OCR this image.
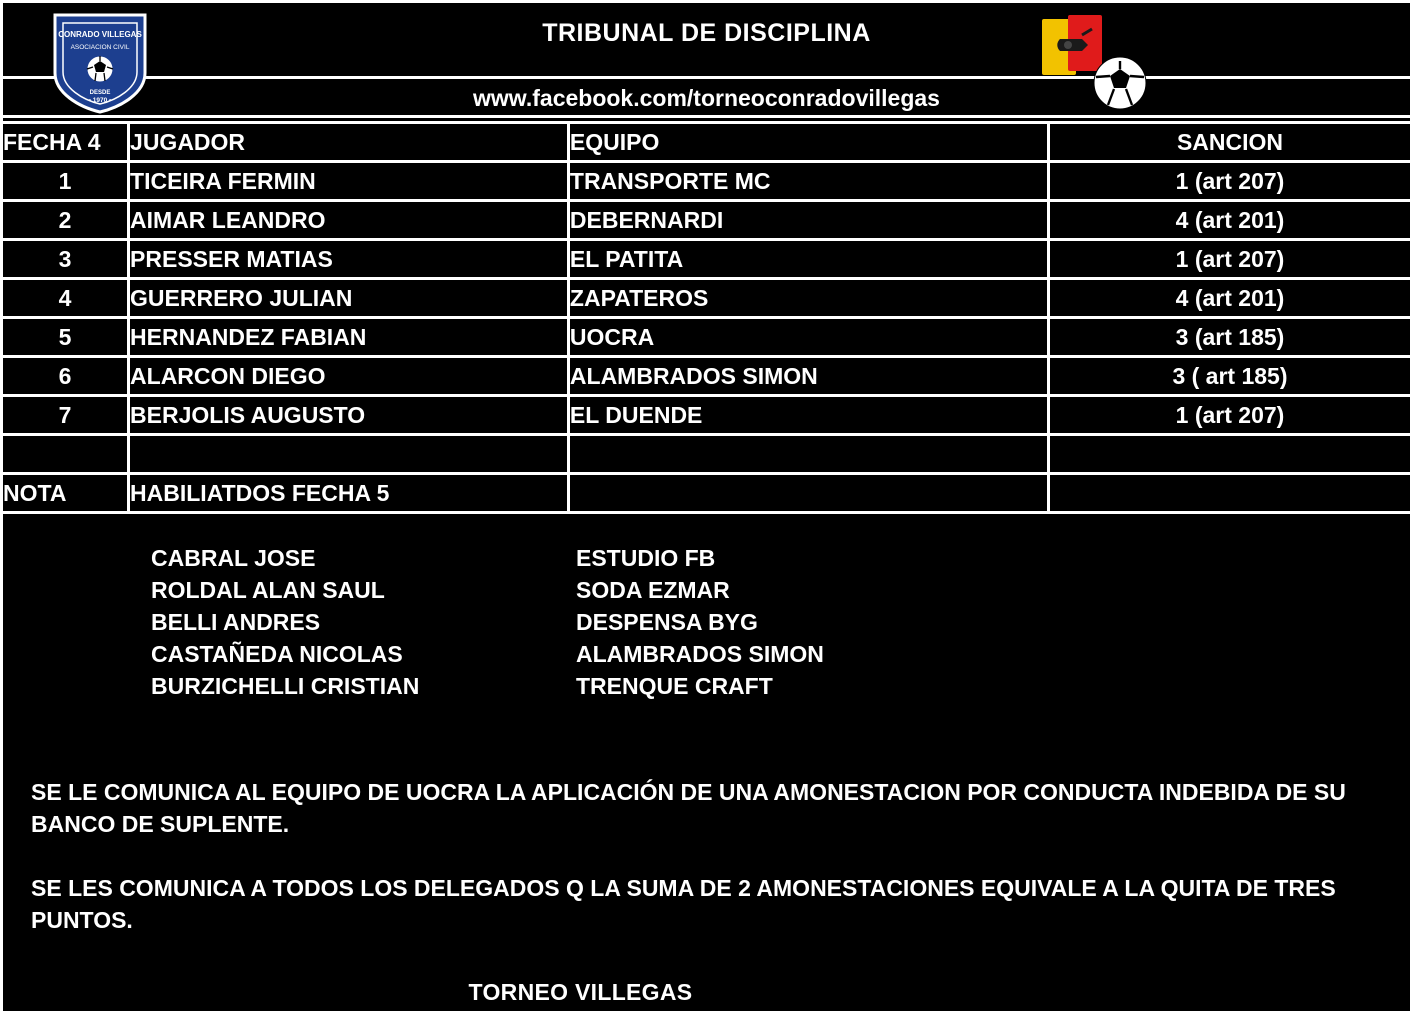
TRIBUNAL DE DISCIPLINA
www.facebook.com/torneoconradovillegas
CONRADO VILLEGAS
ASOCIACION CIVIL
DESDE
• 1970 •
FECHA 4	JUGADOR	EQUIPO	SANCION
1	TICEIRA FERMIN	TRANSPORTE MC	1 (art 207)
2	AIMAR LEANDRO	DEBERNARDI	4 (art 201)
3	PRESSER MATIAS	EL PATITA	1 (art 207)
4	GUERRERO JULIAN	ZAPATEROS	4 (art 201)
5	HERNANDEZ FABIAN	UOCRA	3 (art 185)
6	ALARCON DIEGO	ALAMBRADOS SIMON	3 ( art 185)
7	BERJOLIS AUGUSTO	EL DUENDE	1 (art 207)

NOTA	HABILIATDOS FECHA 5		
CABRAL JOSE	ESTUDIO FB
ROLDAL ALAN SAUL	SODA EZMAR
BELLI ANDRES	DESPENSA BYG
CASTAÑEDA NICOLAS	ALAMBRADOS SIMON
BURZICHELLI CRISTIAN	TRENQUE CRAFT

SE LE COMUNICA AL EQUIPO DE UOCRA LA APLICACIÓN DE UNA AMONESTACION POR CONDUCTA INDEBIDA DE SU BANCO DE SUPLENTE.

SE LES COMUNICA A TODOS LOS DELEGADOS Q LA SUMA DE 2 AMONESTACIONES EQUIVALE A LA QUITA DE TRES PUNTOS.

TORNEO VILLEGAS
